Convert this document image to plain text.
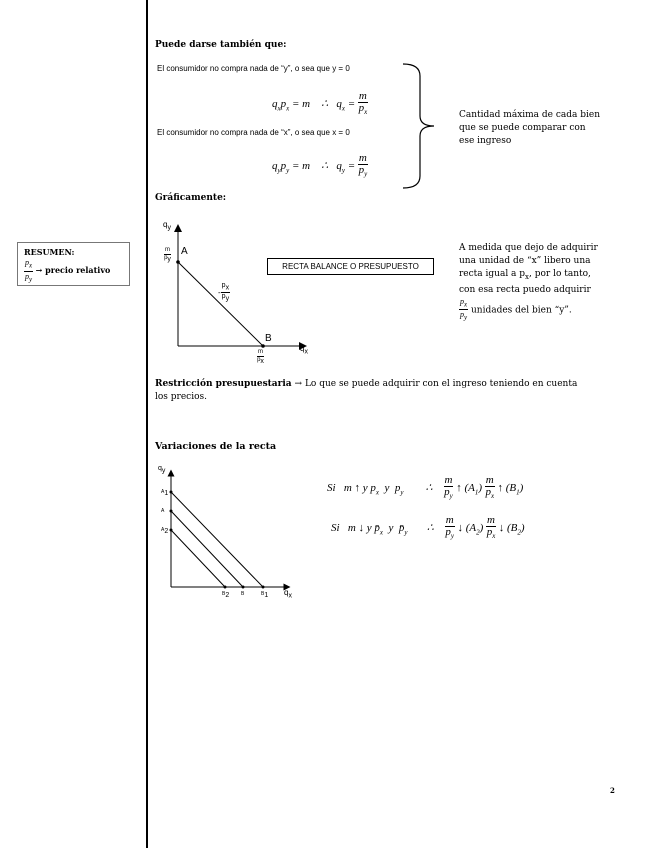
Puede darse también que:
El consumidor no compra nada de “y”, o sea que y = 0
$q_xp_x = m$ ∴ $q_x = \frac{m}{p_x}$
El consumidor no compra nada de “x”, o sea que x = 0
$q_yp_y = m$ ∴ $q_y = \frac{m}{p_y}$
Cantidad máxima de cada bien
que se puede comparar con
ese ingreso
Gráficamente:
RESUMEN:
$\frac{p_x}{p_y}$ → precio relativo
$q_y$
$q_x$
A
B
$\frac{m}{p_y}$
$\frac{m}{p_x}$
- $\frac{p_x}{p_y}$
RECTA BALANCE O PRESUPUESTO
A medida que dejo de adquirir
una unidad de “x” libero una
recta igual a $p_x$, por lo tanto,
con esa recta puedo adquirir
$\frac{p_x}{p_y}$ unidades del bien “y”.
Restricción presupuestaria → Lo que se puede adquirir con el ingreso teniendo en cuenta
los precios.
Variaciones de la recta
$q_y$
$q_x$
$A_1$
A
$A_2$
$B_2$ B	$B_1$
Si m ↑ y $p_x$ y $p_y$ ∴ $\frac{m}{p_y}$ ↑ $(A_1) \frac{m}{p_x}$ ↑ $(B_1)$
Si m ↓ y $p̄_x$ y $p̄_y$ ∴ $\frac{m}{p_y}$ ↓ $(A_2) \frac{m}{p_x}$ ↓ $(B_2)$
2
